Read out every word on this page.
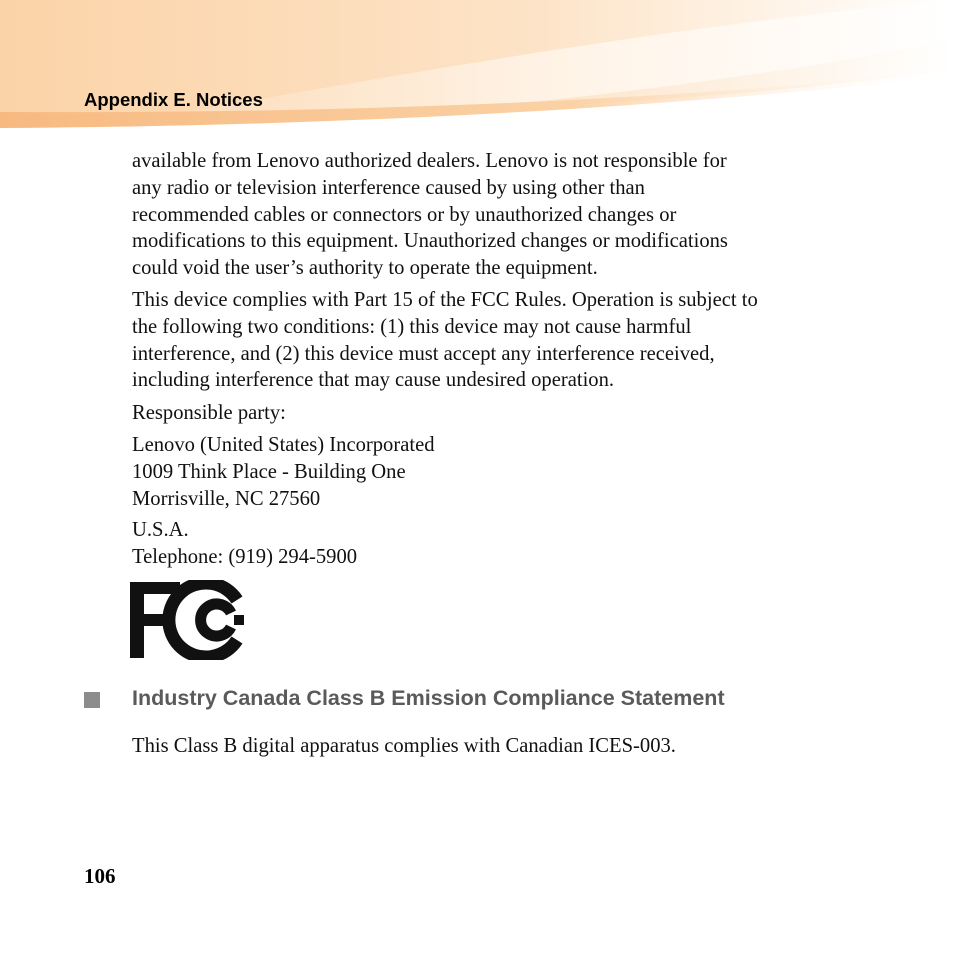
Appendix E. Notices
available from Lenovo authorized dealers. Lenovo is not responsible for
any radio or television interference caused by using other than
recommended cables or connectors or by unauthorized changes or
modifications to this equipment. Unauthorized changes or modifications
could void the user’s authority to operate the equipment.
This device complies with Part 15 of the FCC Rules. Operation is subject to
the following two conditions: (1) this device may not cause harmful
interference, and (2) this device must accept any interference received,
including interference that may cause undesired operation.
Responsible party:
Lenovo (United States) Incorporated
1009 Think Place - Building One
Morrisville, NC 27560
U.S.A.
Telephone: (919) 294-5900
Industry Canada Class B Emission Compliance Statement
This Class B digital apparatus complies with Canadian ICES-003.

106
